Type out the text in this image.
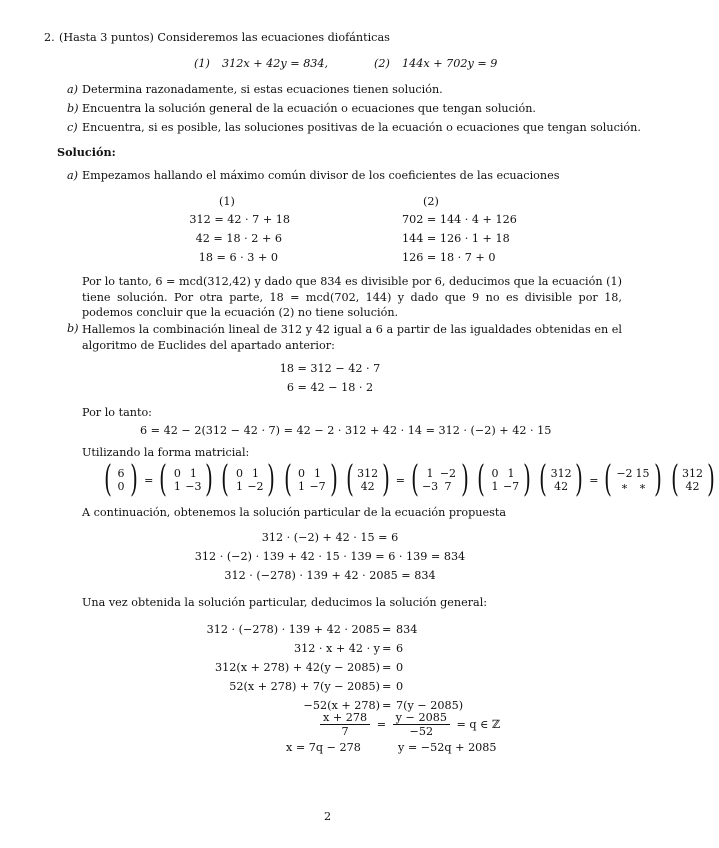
2. (Hasta 3 puntos) Consideremos las ecuaciones diofánticas
(1) 312x + 42y = 834,	(2) 144x + 702y = 9
a) Determina razonadamente, si estas ecuaciones tienen solución.
b) Encuentra la solución general de la ecuación o ecuaciones que tengan solución.
c) Encuentra, si es posible, las soluciones positivas de la ecuación o ecuaciones que tengan solución.
Solución:
a) Empezamos hallando el máximo común divisor de los coeficientes de las ecuaciones
(1)
312 = 42 · 7 + 18
42 = 18 · 2 + 6
18 = 6 · 3 + 0
(2)
702 = 144 · 4 + 126
144 = 126 · 1 + 18
126 = 18 · 7 + 0
Por lo tanto, 6 = mcd(312,42) y dado que 834 es divisible por 6, deducimos que la ecuación (1) tiene solución. Por otra parte, 18 = mcd(702, 144) y dado que 9 no es divisible por 18, podemos concluir que la ecuación (2) no tiene solución.
b) Hallemos la combinación lineal de 312 y 42 igual a 6 a partir de las igualdades obtenidas en el algoritmo de Euclides del apartado anterior:
18 = 312 − 42 · 7
6 = 42 − 18 · 2
Por lo tanto:
6 = 42 − 2(312 − 42 · 7) = 42 − 2 · 312 + 42 · 14 = 312 · (−2) + 42 · 15
Utilizando la forma matricial:
( 6
0 ) = ( 0 1
1 −3 ) ( 0 1
1 −2 ) ( 0 1
1 −7 ) ( 312
42 ) = ( 1 −2
−3 7 ) ( 0 1
1 −7 ) ( 312
42 ) = ( −2 15
∗ ∗ ) ( 312
42 )
A continuación, obtenemos la solución particular de la ecuación propuesta
312 · (−2) + 42 · 15 = 6
312 · (−2) · 139 + 42 · 15 · 139 = 6 · 139 = 834
312 · (−278) · 139 + 42 · 2085 = 834
Una vez obtenida la solución particular, deducimos la solución general:
312 · (−278) · 139 + 42 · 2085 = 834
312 · x + 42 · y = 6
312(x + 278) + 42(y − 2085) = 0
52(x + 278) + 7(y − 2085) = 0
−52(x + 278) = 7(y − 2085)
$\frac{x + 278}{7} = \frac{y - 2085}{-52} = q$ ∈ ℤ
x = 7q − 278	y = −52q + 2085
2
